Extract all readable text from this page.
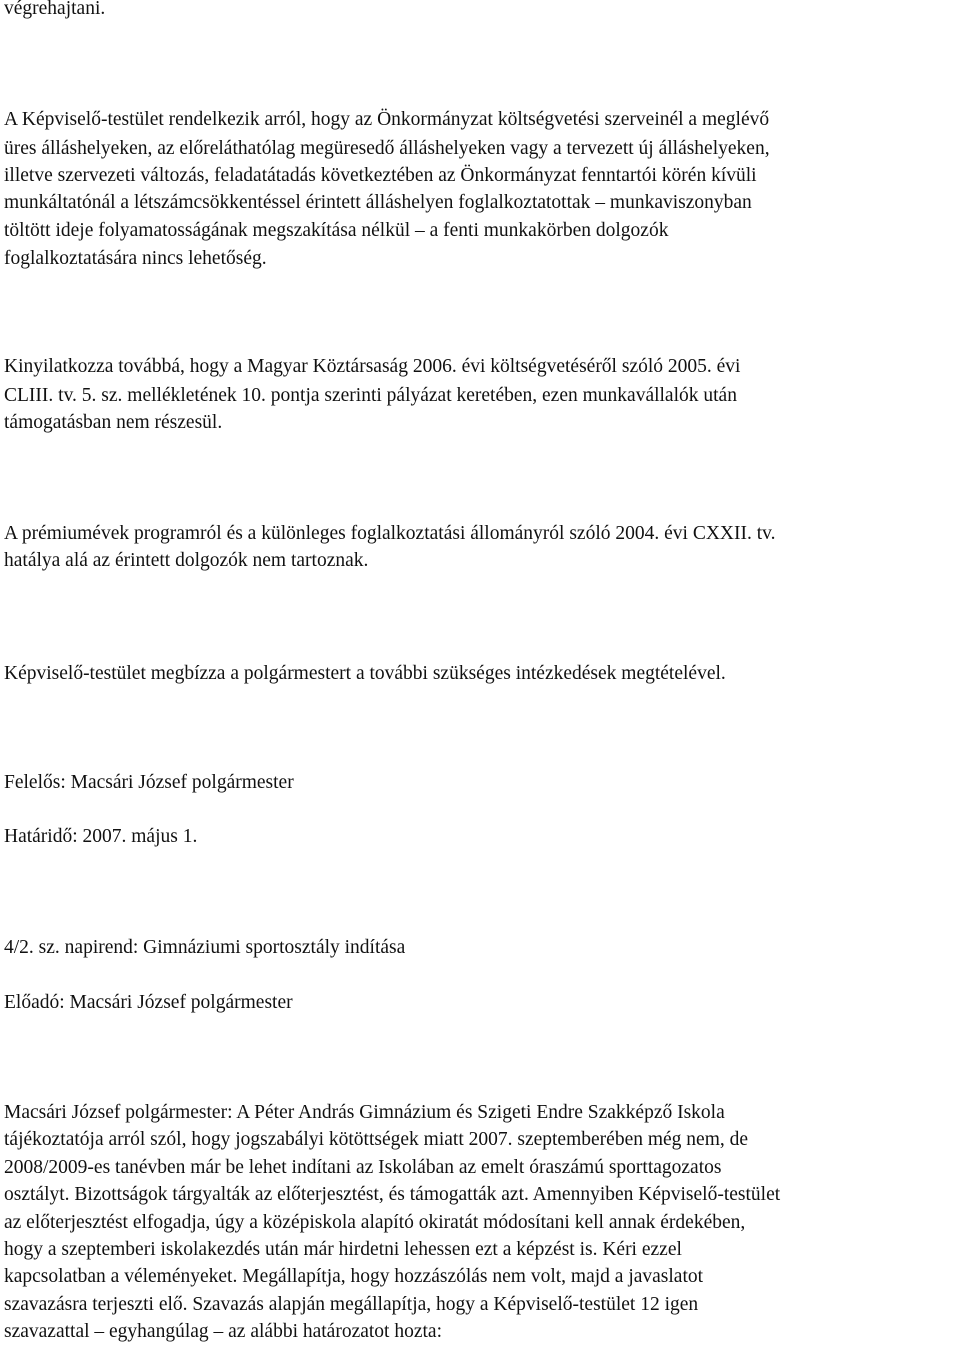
végrehajtani.
A Képviselő-testület rendelkezik arról, hogy az Önkormányzat költségvetési szerveinél a meglévő
üres álláshelyeken, az előreláthatólag megüresedő álláshelyeken vagy a tervezett új álláshelyeken,
illetve szervezeti változás, feladatátadás következtében az Önkormányzat fenntartói körén kívüli
munkáltatónál a létszámcsökkentéssel érintett álláshelyen foglalkoztatottak – munkaviszonyban
töltött ideje folyamatosságának megszakítása nélkül – a fenti munkakörben dolgozók
foglalkoztatására nincs lehetőség.
Kinyilatkozza továbbá, hogy a Magyar Köztársaság 2006. évi költségvetéséről szóló 2005. évi
CLIII. tv. 5. sz. mellékletének 10. pontja szerinti pályázat keretében, ezen munkavállalók után
támogatásban nem részesül.
A prémiumévek programról és a különleges foglalkoztatási állományról szóló 2004. évi CXXII. tv.
hatálya alá az érintett dolgozók nem tartoznak.
Képviselő-testület megbízza a polgármestert a további szükséges intézkedések megtételével.
Felelős: Macsári József polgármester
Határidő: 2007. május 1.
4/2. sz. napirend: Gimnáziumi sportosztály indítása
Előadó: Macsári József polgármester
Macsári József polgármester: A Péter András Gimnázium és Szigeti Endre Szakképző Iskola
tájékoztatója arról szól, hogy jogszabályi kötöttségek miatt 2007. szeptemberében még nem, de
2008/2009-es tanévben már be lehet indítani az Iskolában az emelt óraszámú sporttagozatos
osztályt. Bizottságok tárgyalták az előterjesztést, és támogatták azt. Amennyiben Képviselő-testület
az előterjesztést elfogadja, úgy a középiskola alapító okiratát módosítani kell annak érdekében,
hogy a szeptemberi iskolakezdés után már hirdetni lehessen ezt a képzést is. Kéri ezzel
kapcsolatban a véleményeket. Megállapítja, hogy hozzászólás nem volt, majd a javaslatot
szavazásra terjeszti elő. Szavazás alapján megállapítja, hogy a Képviselő-testület 12 igen
szavazattal – egyhangúlag – az alábbi határozatot hozta:
